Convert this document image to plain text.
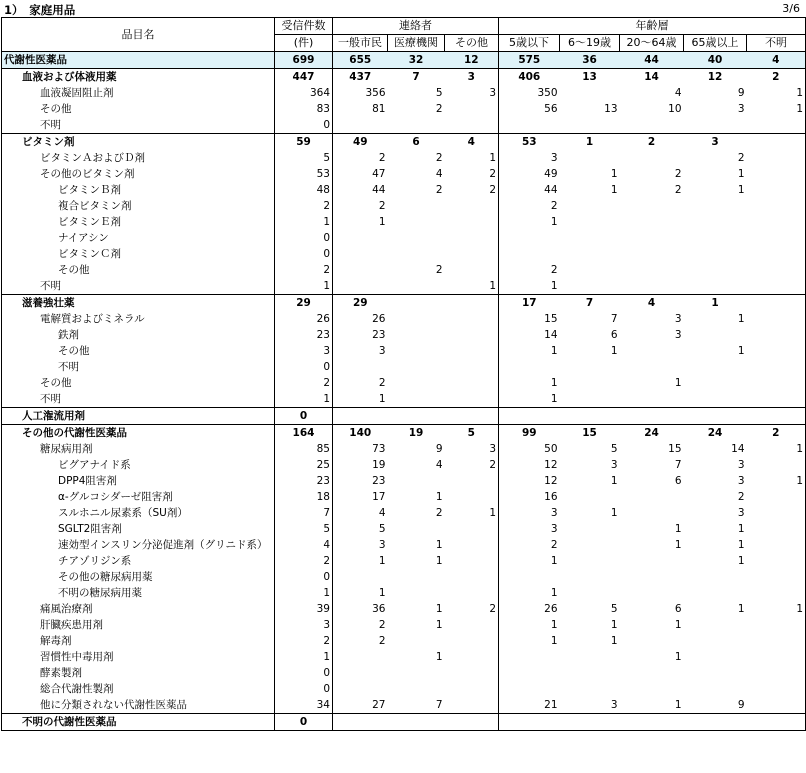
1）　家庭用品	3/6
品目名	受信件数	連絡者			年齢層				
	(件)	一般市民	医療機関	その他	5歳以下	6～19歳	20～64歳	65歳以上	不明
代謝性医薬品	699	655	32	12	575	36	44	40	4
血液および体液用薬	447	437	7	3	406	13	14	12	2
血液凝固阻止剤	364	356	5	3	350		4	9	1
その他	83	81	2		56	13	10	3	1
不明	0								
ビタミン剤	59	49	6	4	53	1	2	3	
ビタミンＡおよびＤ剤	5	2	2	1	3			2	
その他のビタミン剤	53	47	4	2	49	1	2	1	
ビタミンＢ剤	48	44	2	2	44	1	2	1	
複合ビタミン剤	2	2			2				
ビタミンＥ剤	1	1			1				
ナイアシン	0								
ビタミンＣ剤	0								
その他	2		2		2				
不明	1			1	1				
滋養強壮薬	29	29			17	7	4	1	
電解質およびミネラル	26	26			15	7	3	1	
鉄剤	23	23			14	6	3		
その他	3	3			1	1		1	
不明	0								
その他	2	2			1		1		
不明	1	1			1				
人工潅流用剤	0								
その他の代謝性医薬品	164	140	19	5	99	15	24	24	2
糖尿病用剤	85	73	9	3	50	5	15	14	1
ビグアナイド系	25	19	4	2	12	3	7	3	
DPP4阻害剤	23	23			12	1	6	3	1
α-グルコシダーゼ阻害剤	18	17	1		16			2	
スルホニル尿素系（SU剤）	7	4	2	1	3	1		3	
SGLT2阻害剤	5	5			3		1	1	
速効型インスリン分泌促進剤（グリニド系）	4	3	1		2		1	1	
チアゾリジン系	2	1	1		1			1	
その他の糖尿病用薬	0								
不明の糖尿病用薬	1	1			1				
痛風治療剤	39	36	1	2	26	5	6	1	1
肝臓疾患用剤	3	2	1		1	1	1		
解毒剤	2	2			1	1			
習慣性中毒用剤	1		1				1		
酵素製剤	0								
総合代謝性製剤	0								
他に分類されない代謝性医薬品	34	27	7		21	3	1	9	
不明の代謝性医薬品	0								
